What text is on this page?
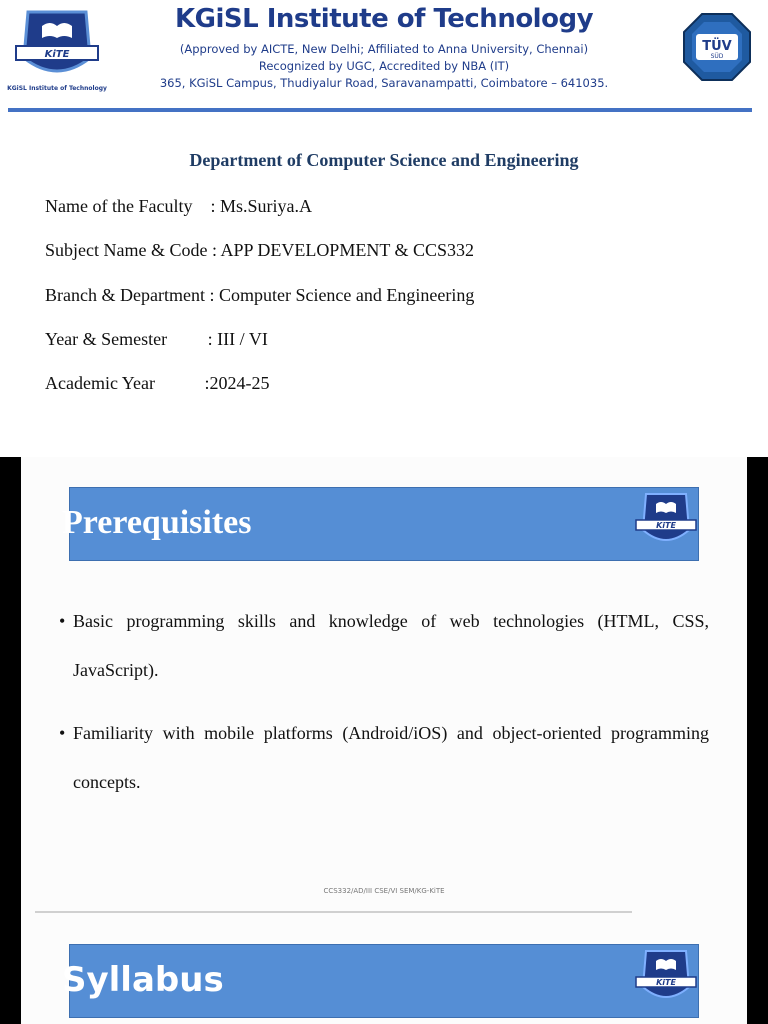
KiTE
KGiSL Institute of Technology
KGiSL Institute of Technology
(Approved by AICTE, New Delhi; Affiliated to Anna University, Chennai)
Recognized by UGC, Accredited by NBA (IT)
365, KGiSL Campus, Thudiyalur Road, Saravanampatti, Coimbatore – 641035.
TÜV
SÜD
Department of Computer Science and Engineering
Name of the Faculty    : Ms.Suriya.A
Subject Name & Code : APP DEVELOPMENT & CCS332
Branch & Department : Computer Science and Engineering
Year & Semester         : III / VI
Academic Year           :2024-25
Prerequisites	KiTE
• Basic programming skills and knowledge of web technologies (HTML, CSS, JavaScript).
• Familiarity with mobile platforms (Android/iOS) and object-oriented programming concepts.
CCS332/AD/III CSE/VI SEM/KG-KiTE
Syllabus	KiTE
